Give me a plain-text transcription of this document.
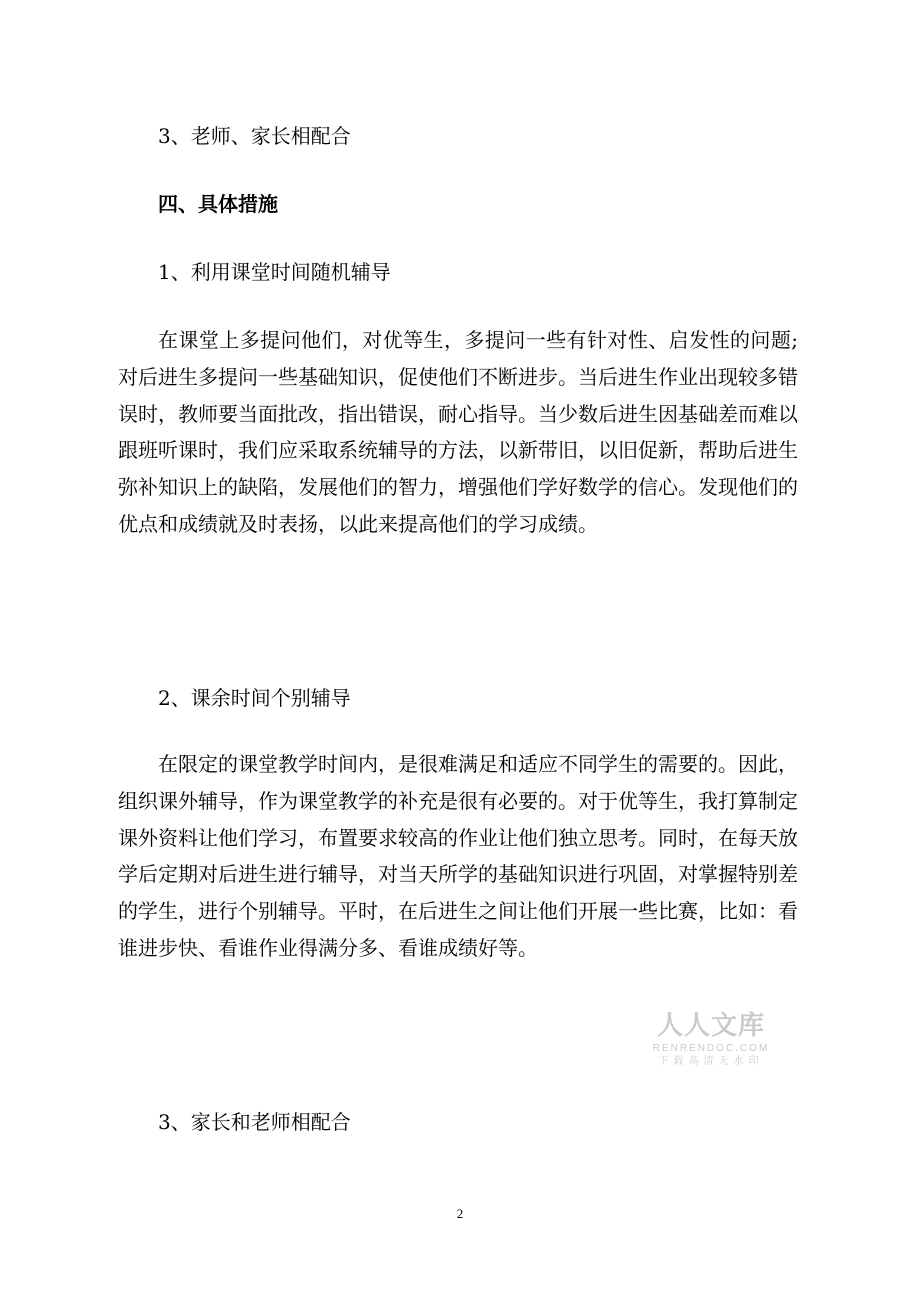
3、老师、家长相配合

四、具体措施

1、利用课堂时间随机辅导

在课堂上多提问他们，对优等生，多提问一些有针对性、启发性的问题;对后进生多提问一些基础知识，促使他们不断进步。当后进生作业出现较多错误时，教师要当面批改，指出错误，耐心指导。当少数后进生因基础差而难以跟班听课时，我们应采取系统辅导的方法，以新带旧，以旧促新，帮助后进生弥补知识上的缺陷，发展他们的智力，增强他们学好数学的信心。发现他们的优点和成绩就及时表扬，以此来提高他们的学习成绩。

2、课余时间个别辅导

在限定的课堂教学时间内，是很难满足和适应不同学生的需要的。因此，组织课外辅导，作为课堂教学的补充是很有必要的。对于优等生，我打算制定课外资料让他们学习，布置要求较高的作业让他们独立思考。同时，在每天放学后定期对后进生进行辅导，对当天所学的基础知识进行巩固，对掌握特别差的学生，进行个别辅导。平时，在后进生之间让他们开展一些比赛，比如：看谁进步快、看谁作业得满分多、看谁成绩好等。

3、家长和老师相配合

人人文库
RENRENDOC.COM
下载高清无水印
2
